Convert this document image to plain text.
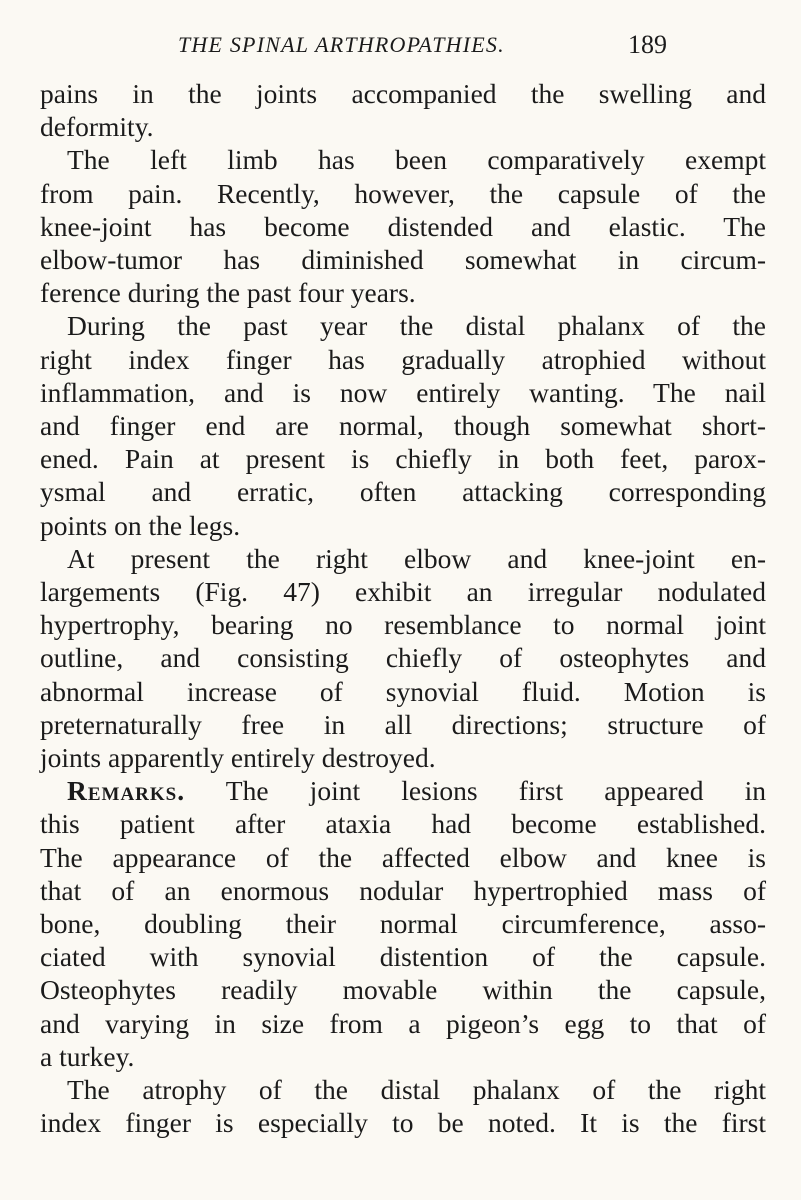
THE SPINAL ARTHROPATHIES.	189
pains in the joints accompanied the swelling and
deformity.
The left limb has been comparatively exempt
from pain. Recently, however, the capsule of the
knee-joint has become distended and elastic. The
elbow-tumor has diminished somewhat in circum-
ference during the past four years.
During the past year the distal phalanx of the
right index finger has gradually atrophied without
inflammation, and is now entirely wanting. The nail
and finger end are normal, though somewhat short-
ened. Pain at present is chiefly in both feet, parox-
ysmal and erratic, often attacking corresponding
points on the legs.
At present the right elbow and knee-joint en-
largements (Fig. 47) exhibit an irregular nodulated
hypertrophy, bearing no resemblance to normal joint
outline, and consisting chiefly of osteophytes and
abnormal increase of synovial fluid. Motion is
preternaturally free in all directions; structure of
joints apparently entirely destroyed.
Remarks. The joint lesions first appeared in
this patient after ataxia had become established.
The appearance of the affected elbow and knee is
that of an enormous nodular hypertrophied mass of
bone, doubling their normal circumference, asso-
ciated with synovial distention of the capsule.
Osteophytes readily movable within the capsule,
and varying in size from a pigeon’s egg to that of
a turkey.
The atrophy of the distal phalanx of the right
index finger is especially to be noted. It is the first
